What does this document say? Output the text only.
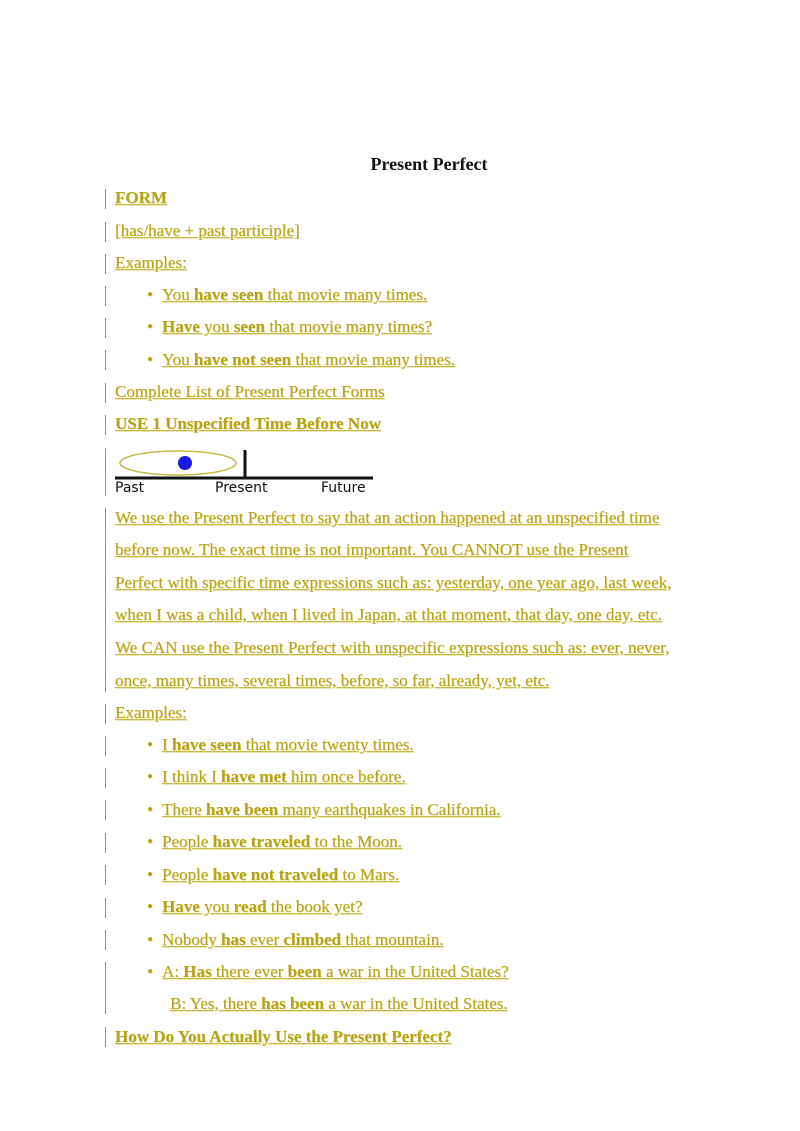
Present Perfect
FORM
[has/have + past participle]
Examples:
• You have seen that movie many times.
• Have you seen that movie many times?
• You have not seen that movie many times.
Complete List of Present Perfect Forms
USE 1 Unspecified Time Before Now
Past	Present	Future
We use the Present Perfect to say that an action happened at an unspecified time
before now. The exact time is not important. You CANNOT use the Present
Perfect with specific time expressions such as: yesterday, one year ago, last week,
when I was a child, when I lived in Japan, at that moment, that day, one day, etc.
We CAN use the Present Perfect with unspecific expressions such as: ever, never,
once, many times, several times, before, so far, already, yet, etc.
Examples:
• I have seen that movie twenty times.
• I think I have met him once before.
• There have been many earthquakes in California.
• People have traveled to the Moon.
• People have not traveled to Mars.
• Have you read the book yet?
• Nobody has ever climbed that mountain.
• A: Has there ever been a war in the United States?
B: Yes, there has been a war in the United States.
How Do You Actually Use the Present Perfect?
